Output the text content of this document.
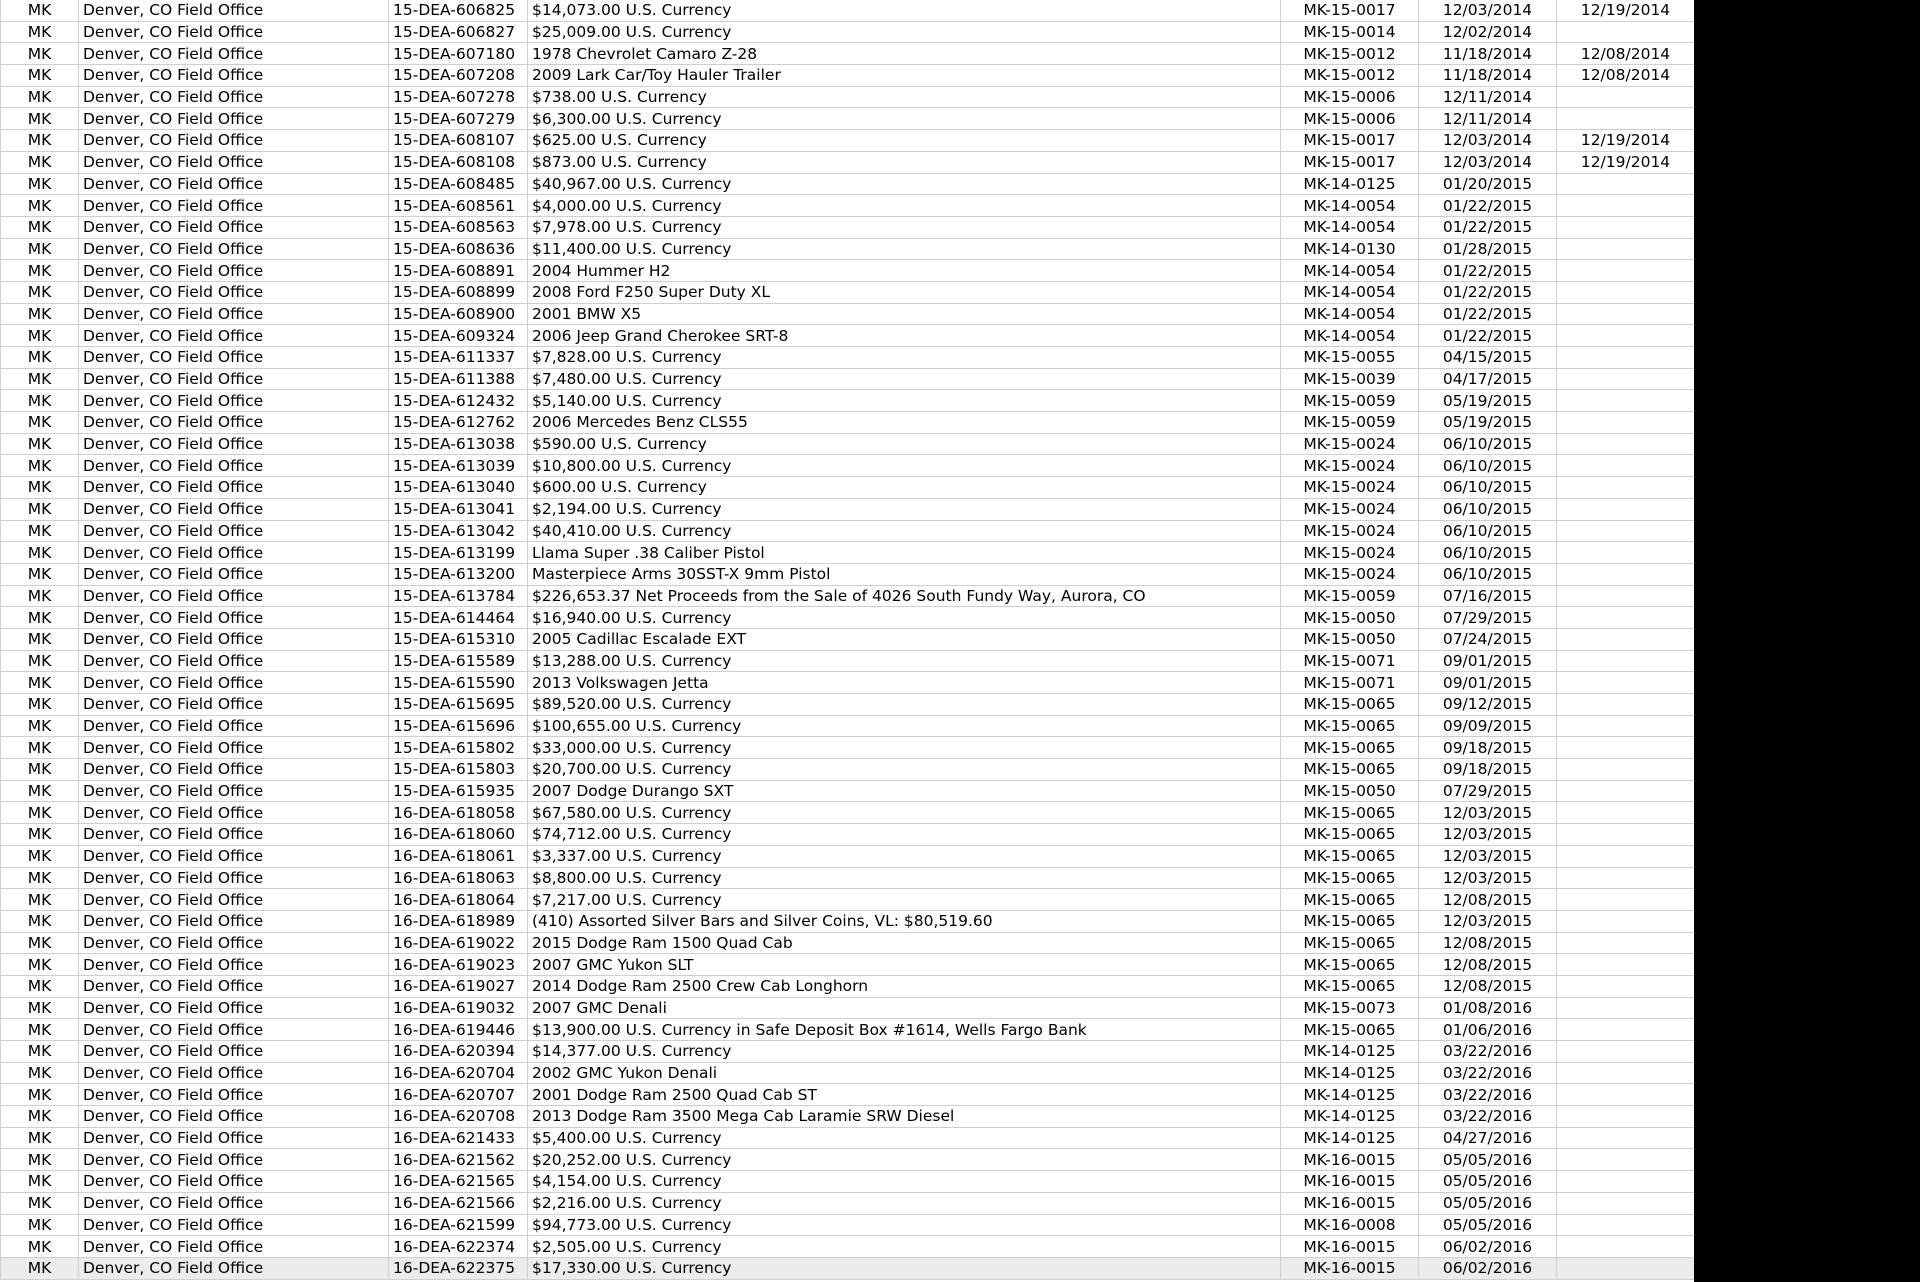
MK	Denver, CO Field Office	15-DEA-606825	$14,073.00 U.S. Currency	MK-15-0017	12/03/2014	12/19/2014
MK	Denver, CO Field Office	15-DEA-606827	$25,009.00 U.S. Currency	MK-15-0014	12/02/2014	
MK	Denver, CO Field Office	15-DEA-607180	1978 Chevrolet Camaro Z-28	MK-15-0012	11/18/2014	12/08/2014
MK	Denver, CO Field Office	15-DEA-607208	2009 Lark Car/Toy Hauler Trailer	MK-15-0012	11/18/2014	12/08/2014
MK	Denver, CO Field Office	15-DEA-607278	$738.00 U.S. Currency	MK-15-0006	12/11/2014	
MK	Denver, CO Field Office	15-DEA-607279	$6,300.00 U.S. Currency	MK-15-0006	12/11/2014	
MK	Denver, CO Field Office	15-DEA-608107	$625.00 U.S. Currency	MK-15-0017	12/03/2014	12/19/2014
MK	Denver, CO Field Office	15-DEA-608108	$873.00 U.S. Currency	MK-15-0017	12/03/2014	12/19/2014
MK	Denver, CO Field Office	15-DEA-608485	$40,967.00 U.S. Currency	MK-14-0125	01/20/2015	
MK	Denver, CO Field Office	15-DEA-608561	$4,000.00 U.S. Currency	MK-14-0054	01/22/2015	
MK	Denver, CO Field Office	15-DEA-608563	$7,978.00 U.S. Currency	MK-14-0054	01/22/2015	
MK	Denver, CO Field Office	15-DEA-608636	$11,400.00 U.S. Currency	MK-14-0130	01/28/2015	
MK	Denver, CO Field Office	15-DEA-608891	2004 Hummer H2	MK-14-0054	01/22/2015	
MK	Denver, CO Field Office	15-DEA-608899	2008 Ford F250 Super Duty XL	MK-14-0054	01/22/2015	
MK	Denver, CO Field Office	15-DEA-608900	2001 BMW X5	MK-14-0054	01/22/2015	
MK	Denver, CO Field Office	15-DEA-609324	2006 Jeep Grand Cherokee SRT-8	MK-14-0054	01/22/2015	
MK	Denver, CO Field Office	15-DEA-611337	$7,828.00 U.S. Currency	MK-15-0055	04/15/2015	
MK	Denver, CO Field Office	15-DEA-611388	$7,480.00 U.S. Currency	MK-15-0039	04/17/2015	
MK	Denver, CO Field Office	15-DEA-612432	$5,140.00 U.S. Currency	MK-15-0059	05/19/2015	
MK	Denver, CO Field Office	15-DEA-612762	2006 Mercedes Benz CLS55	MK-15-0059	05/19/2015	
MK	Denver, CO Field Office	15-DEA-613038	$590.00 U.S. Currency	MK-15-0024	06/10/2015	
MK	Denver, CO Field Office	15-DEA-613039	$10,800.00 U.S. Currency	MK-15-0024	06/10/2015	
MK	Denver, CO Field Office	15-DEA-613040	$600.00 U.S. Currency	MK-15-0024	06/10/2015	
MK	Denver, CO Field Office	15-DEA-613041	$2,194.00 U.S. Currency	MK-15-0024	06/10/2015	
MK	Denver, CO Field Office	15-DEA-613042	$40,410.00 U.S. Currency	MK-15-0024	06/10/2015	
MK	Denver, CO Field Office	15-DEA-613199	Llama Super .38 Caliber Pistol	MK-15-0024	06/10/2015	
MK	Denver, CO Field Office	15-DEA-613200	Masterpiece Arms 30SST-X 9mm Pistol	MK-15-0024	06/10/2015	
MK	Denver, CO Field Office	15-DEA-613784	$226,653.37 Net Proceeds from the Sale of 4026 South Fundy Way, Aurora, CO	MK-15-0059	07/16/2015	
MK	Denver, CO Field Office	15-DEA-614464	$16,940.00 U.S. Currency	MK-15-0050	07/29/2015	
MK	Denver, CO Field Office	15-DEA-615310	2005 Cadillac Escalade EXT	MK-15-0050	07/24/2015	
MK	Denver, CO Field Office	15-DEA-615589	$13,288.00 U.S. Currency	MK-15-0071	09/01/2015	
MK	Denver, CO Field Office	15-DEA-615590	2013 Volkswagen Jetta	MK-15-0071	09/01/2015	
MK	Denver, CO Field Office	15-DEA-615695	$89,520.00 U.S. Currency	MK-15-0065	09/12/2015	
MK	Denver, CO Field Office	15-DEA-615696	$100,655.00 U.S. Currency	MK-15-0065	09/09/2015	
MK	Denver, CO Field Office	15-DEA-615802	$33,000.00 U.S. Currency	MK-15-0065	09/18/2015	
MK	Denver, CO Field Office	15-DEA-615803	$20,700.00 U.S. Currency	MK-15-0065	09/18/2015	
MK	Denver, CO Field Office	15-DEA-615935	2007 Dodge Durango SXT	MK-15-0050	07/29/2015	
MK	Denver, CO Field Office	16-DEA-618058	$67,580.00 U.S. Currency	MK-15-0065	12/03/2015	
MK	Denver, CO Field Office	16-DEA-618060	$74,712.00 U.S. Currency	MK-15-0065	12/03/2015	
MK	Denver, CO Field Office	16-DEA-618061	$3,337.00 U.S. Currency	MK-15-0065	12/03/2015	
MK	Denver, CO Field Office	16-DEA-618063	$8,800.00 U.S. Currency	MK-15-0065	12/03/2015	
MK	Denver, CO Field Office	16-DEA-618064	$7,217.00 U.S. Currency	MK-15-0065	12/08/2015	
MK	Denver, CO Field Office	16-DEA-618989	(410) Assorted Silver Bars and Silver Coins, VL: $80,519.60	MK-15-0065	12/03/2015	
MK	Denver, CO Field Office	16-DEA-619022	2015 Dodge Ram 1500 Quad Cab	MK-15-0065	12/08/2015	
MK	Denver, CO Field Office	16-DEA-619023	2007 GMC Yukon SLT	MK-15-0065	12/08/2015	
MK	Denver, CO Field Office	16-DEA-619027	2014 Dodge Ram 2500 Crew Cab Longhorn	MK-15-0065	12/08/2015	
MK	Denver, CO Field Office	16-DEA-619032	2007 GMC Denali	MK-15-0073	01/08/2016	
MK	Denver, CO Field Office	16-DEA-619446	$13,900.00 U.S. Currency in Safe Deposit Box #1614, Wells Fargo Bank	MK-15-0065	01/06/2016	
MK	Denver, CO Field Office	16-DEA-620394	$14,377.00 U.S. Currency	MK-14-0125	03/22/2016	
MK	Denver, CO Field Office	16-DEA-620704	2002 GMC Yukon Denali	MK-14-0125	03/22/2016	
MK	Denver, CO Field Office	16-DEA-620707	2001 Dodge Ram 2500 Quad Cab ST	MK-14-0125	03/22/2016	
MK	Denver, CO Field Office	16-DEA-620708	2013 Dodge Ram 3500 Mega Cab Laramie SRW Diesel	MK-14-0125	03/22/2016	
MK	Denver, CO Field Office	16-DEA-621433	$5,400.00 U.S. Currency	MK-14-0125	04/27/2016	
MK	Denver, CO Field Office	16-DEA-621562	$20,252.00 U.S. Currency	MK-16-0015	05/05/2016	
MK	Denver, CO Field Office	16-DEA-621565	$4,154.00 U.S. Currency	MK-16-0015	05/05/2016	
MK	Denver, CO Field Office	16-DEA-621566	$2,216.00 U.S. Currency	MK-16-0015	05/05/2016	
MK	Denver, CO Field Office	16-DEA-621599	$94,773.00 U.S. Currency	MK-16-0008	05/05/2016	
MK	Denver, CO Field Office	16-DEA-622374	$2,505.00 U.S. Currency	MK-16-0015	06/02/2016	
MK	Denver, CO Field Office	16-DEA-622375	$17,330.00 U.S. Currency	MK-16-0015	06/02/2016	
